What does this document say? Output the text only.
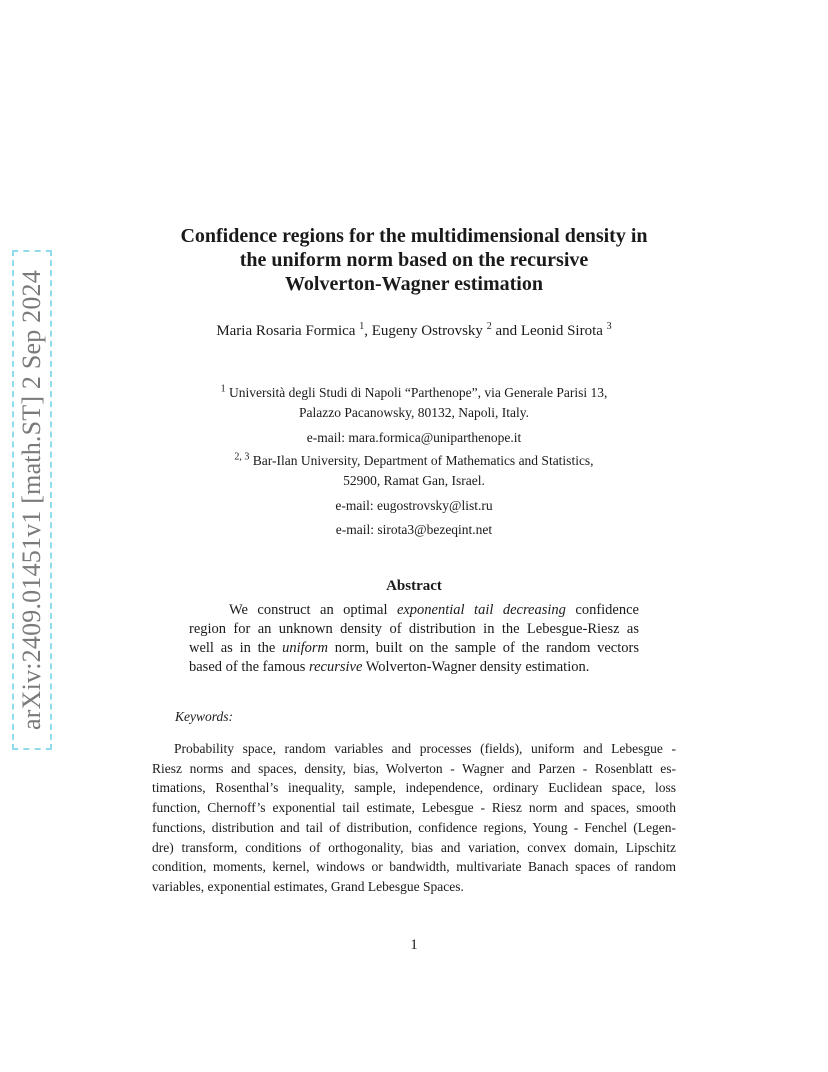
arXiv:2409.01451v1 [math.ST] 2 Sep 2024
Confidence regions for the multidimensional density in
the uniform norm based on the recursive
Wolverton-Wagner estimation
Maria Rosaria Formica $^1$, Eugeny Ostrovsky $^2$ and Leonid Sirota $^3$
$^1$ Università degli Studi di Napoli “Parthenope”, via Generale Parisi 13,
Palazzo Pacanowsky, 80132, Napoli, Italy.
e-mail: mara.formica@uniparthenope.it
$^{2, 3}$ Bar-Ilan University, Department of Mathematics and Statistics,
52900, Ramat Gan, Israel.
e-mail: eugostrovsky@list.ru
e-mail: sirota3@bezeqint.net
Abstract
We construct an optimal exponential tail decreasing confidence
region for an unknown density of distribution in the Lebesgue-Riesz as
well as in the uniform norm, built on the sample of the random vectors
based of the famous recursive Wolverton-Wagner density estimation.
Keywords:
Probability space, random variables and processes (fields), uniform and Lebesgue -
Riesz norms and spaces, density, bias, Wolverton - Wagner and Parzen - Rosenblatt es-
timations, Rosenthal’s inequality, sample, independence, ordinary Euclidean space, loss
function, Chernoff’s exponential tail estimate, Lebesgue - Riesz norm and spaces, smooth
functions, distribution and tail of distribution, confidence regions, Young - Fenchel (Legen-
dre) transform, conditions of orthogonality, bias and variation, convex domain, Lipschitz
condition, moments, kernel, windows or bandwidth, multivariate Banach spaces of random
variables, exponential estimates, Grand Lebesgue Spaces.
1
